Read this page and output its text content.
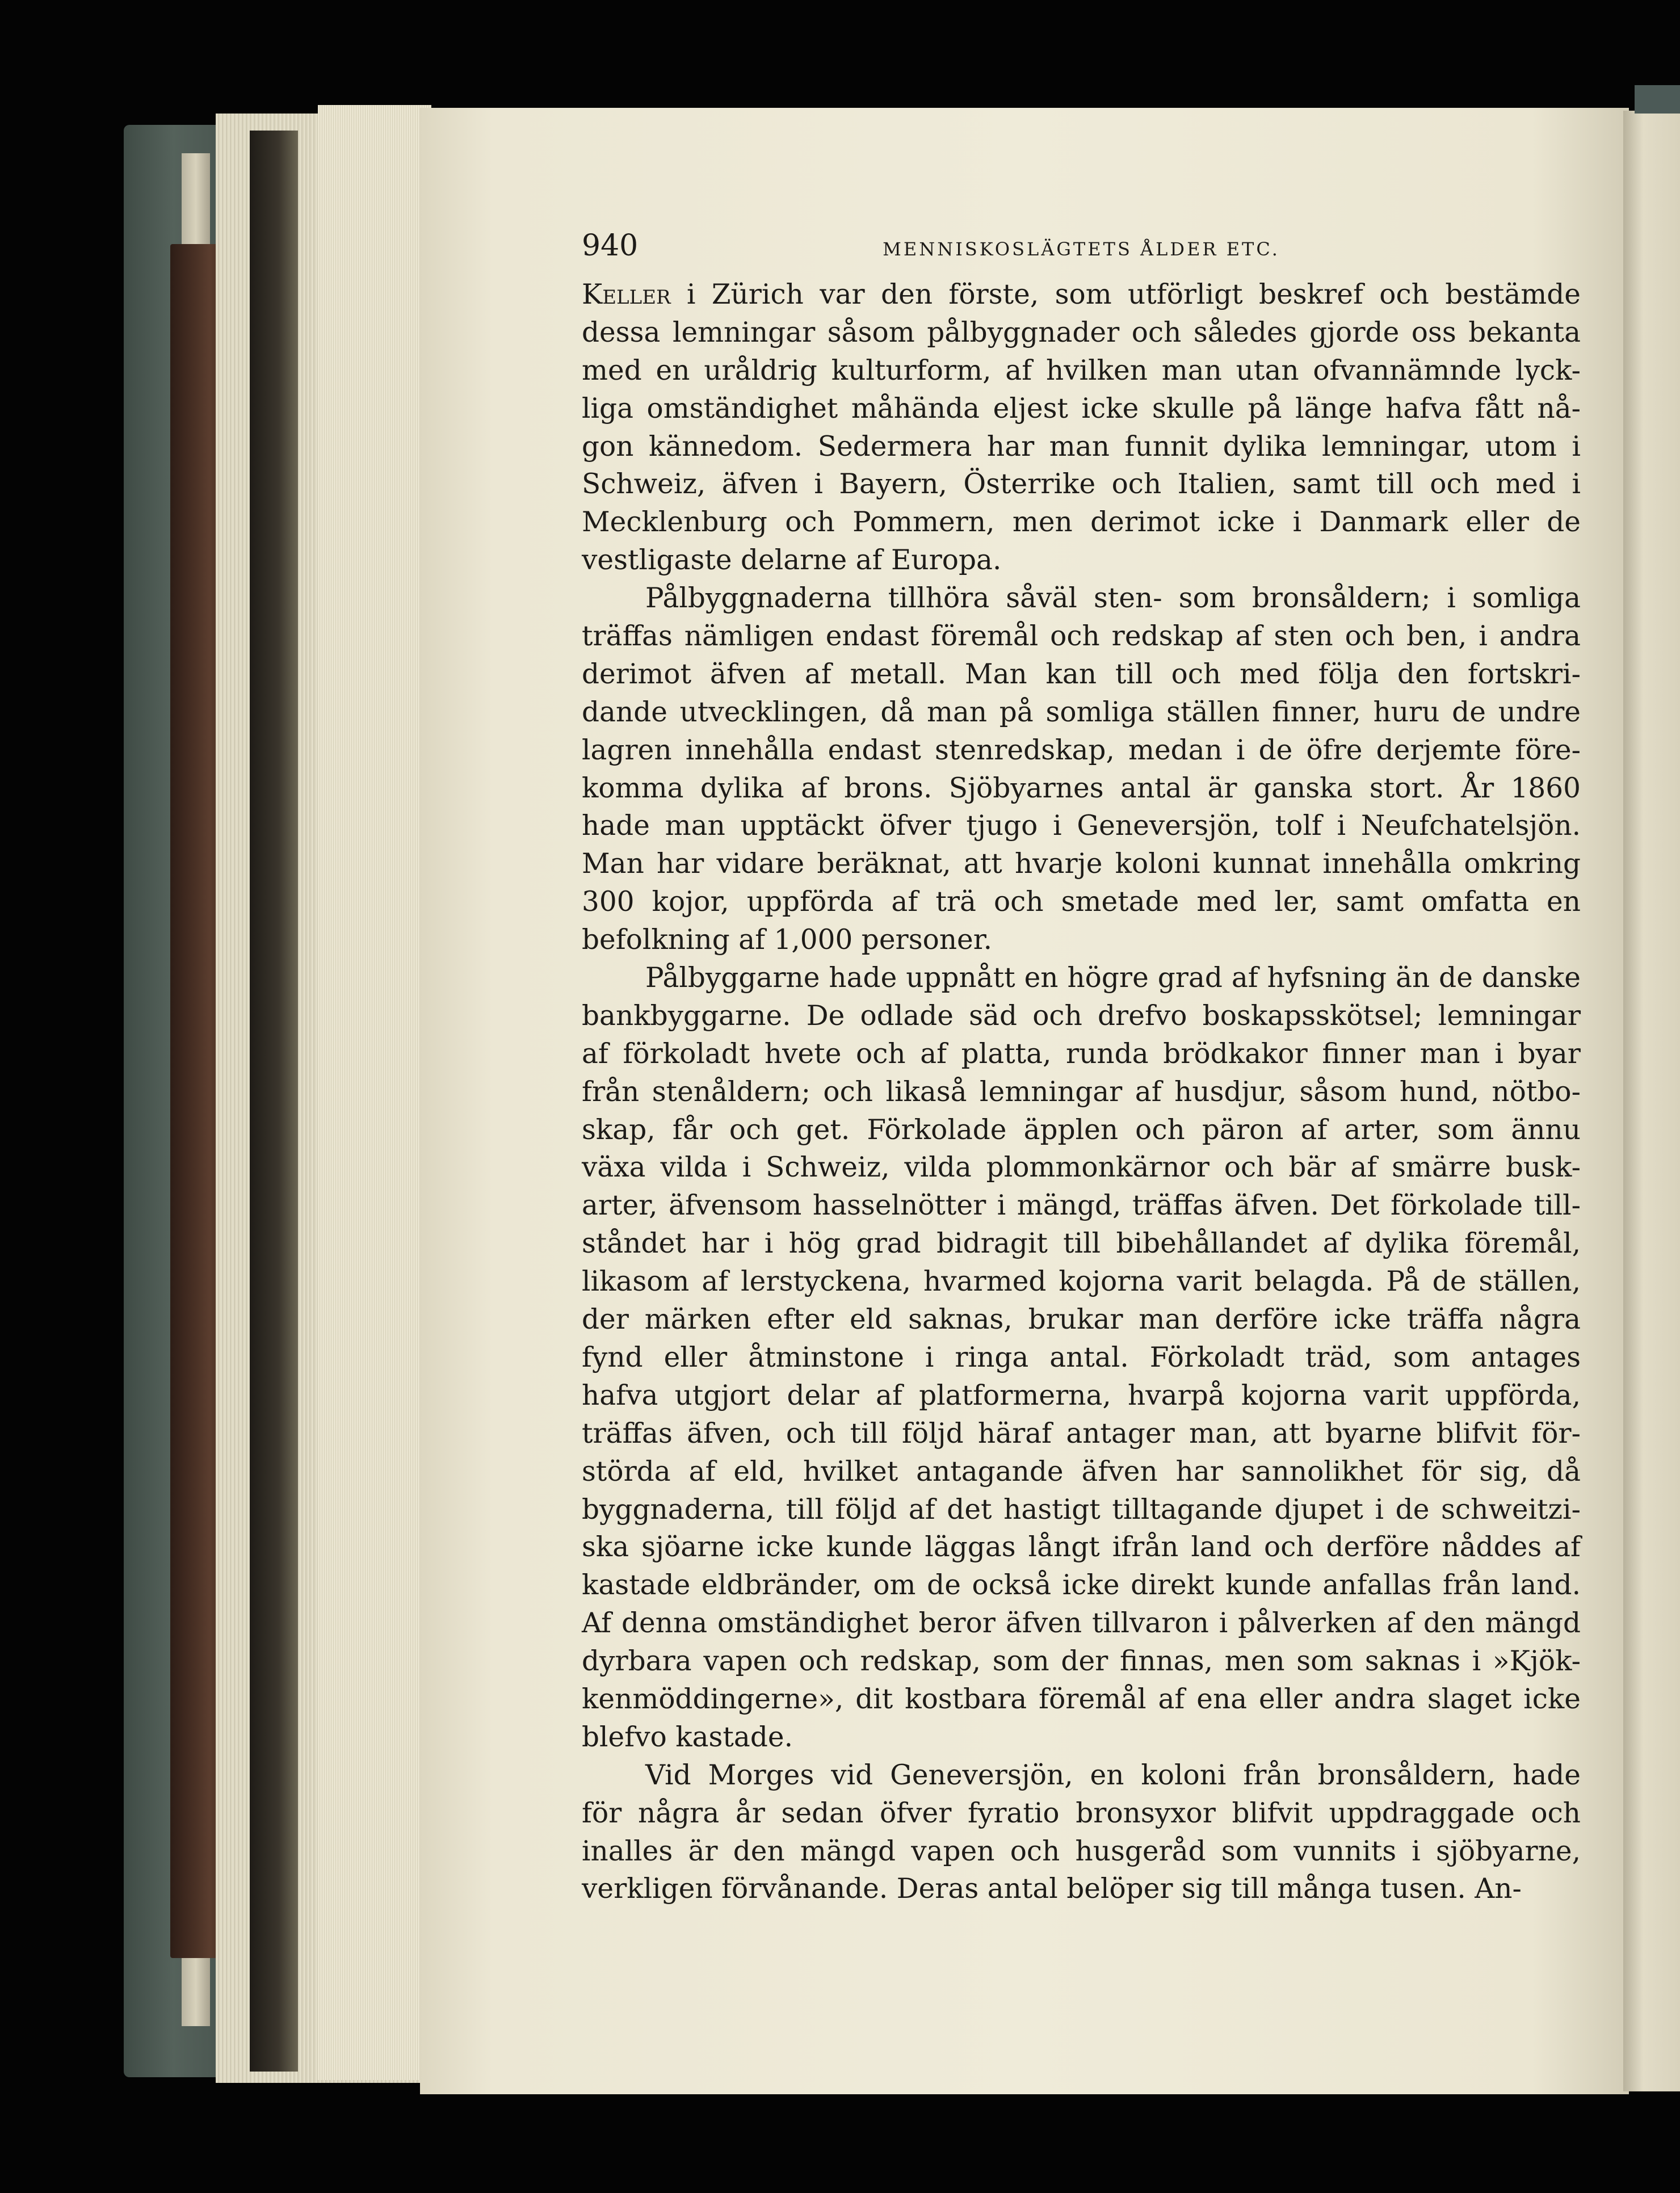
940	MENNISKOSLÄGTETS ÅLDER ETC.
Keller i Zürich var den förste, som utförligt beskref och bestämde
dessa lemningar såsom pålbyggnader och således gjorde oss bekanta
med en uråldrig kulturform, af hvilken man utan ofvannämnde lyck-
liga omständighet måhända eljest icke skulle på länge hafva fått nå-
gon kännedom. Sedermera har man funnit dylika lemningar, utom i
Schweiz, äfven i Bayern, Österrike och Italien, samt till och med i
Mecklenburg och Pommern, men derimot icke i Danmark eller de
vestligaste delarne af Europa.
Pålbyggnaderna tillhöra såväl sten- som bronsåldern; i somliga
träffas nämligen endast föremål och redskap af sten och ben, i andra
derimot äfven af metall. Man kan till och med följa den fortskri-
dande utvecklingen, då man på somliga ställen finner, huru de undre
lagren innehålla endast stenredskap, medan i de öfre derjemte före-
komma dylika af brons. Sjöbyarnes antal är ganska stort. År 1860
hade man upptäckt öfver tjugo i Geneversjön, tolf i Neufchatelsjön.
Man har vidare beräknat, att hvarje koloni kunnat innehålla omkring
300 kojor, uppförda af trä och smetade med ler, samt omfatta en
befolkning af 1,000 personer.
Pålbyggarne hade uppnått en högre grad af hyfsning än de danske
bankbyggarne. De odlade säd och drefvo boskapsskötsel; lemningar
af förkoladt hvete och af platta, runda brödkakor finner man i byar
från stenåldern; och likaså lemningar af husdjur, såsom hund, nötbo-
skap, får och get. Förkolade äpplen och päron af arter, som ännu
växa vilda i Schweiz, vilda plommonkärnor och bär af smärre busk-
arter, äfvensom hasselnötter i mängd, träffas äfven. Det förkolade till-
ståndet har i hög grad bidragit till bibehållandet af dylika föremål,
likasom af lerstyckena, hvarmed kojorna varit belagda. På de ställen,
der märken efter eld saknas, brukar man derföre icke träffa några
fynd eller åtminstone i ringa antal. Förkoladt träd, som antages
hafva utgjort delar af platformerna, hvarpå kojorna varit uppförda,
träffas äfven, och till följd häraf antager man, att byarne blifvit för-
störda af eld, hvilket antagande äfven har sannolikhet för sig, då
byggnaderna, till följd af det hastigt tilltagande djupet i de schweitzi-
ska sjöarne icke kunde läggas långt ifrån land och derföre nåddes af
kastade eldbränder, om de också icke direkt kunde anfallas från land.
Af denna omständighet beror äfven tillvaron i pålverken af den mängd
dyrbara vapen och redskap, som der finnas, men som saknas i »Kjök-
kenmöddingerne», dit kostbara föremål af ena eller andra slaget icke
blefvo kastade.
Vid Morges vid Geneversjön, en koloni från bronsåldern, hade
för några år sedan öfver fyratio bronsyxor blifvit uppdraggade och
inalles är den mängd vapen och husgeråd som vunnits i sjöbyarne,
verkligen förvånande. Deras antal belöper sig till många tusen. An-
